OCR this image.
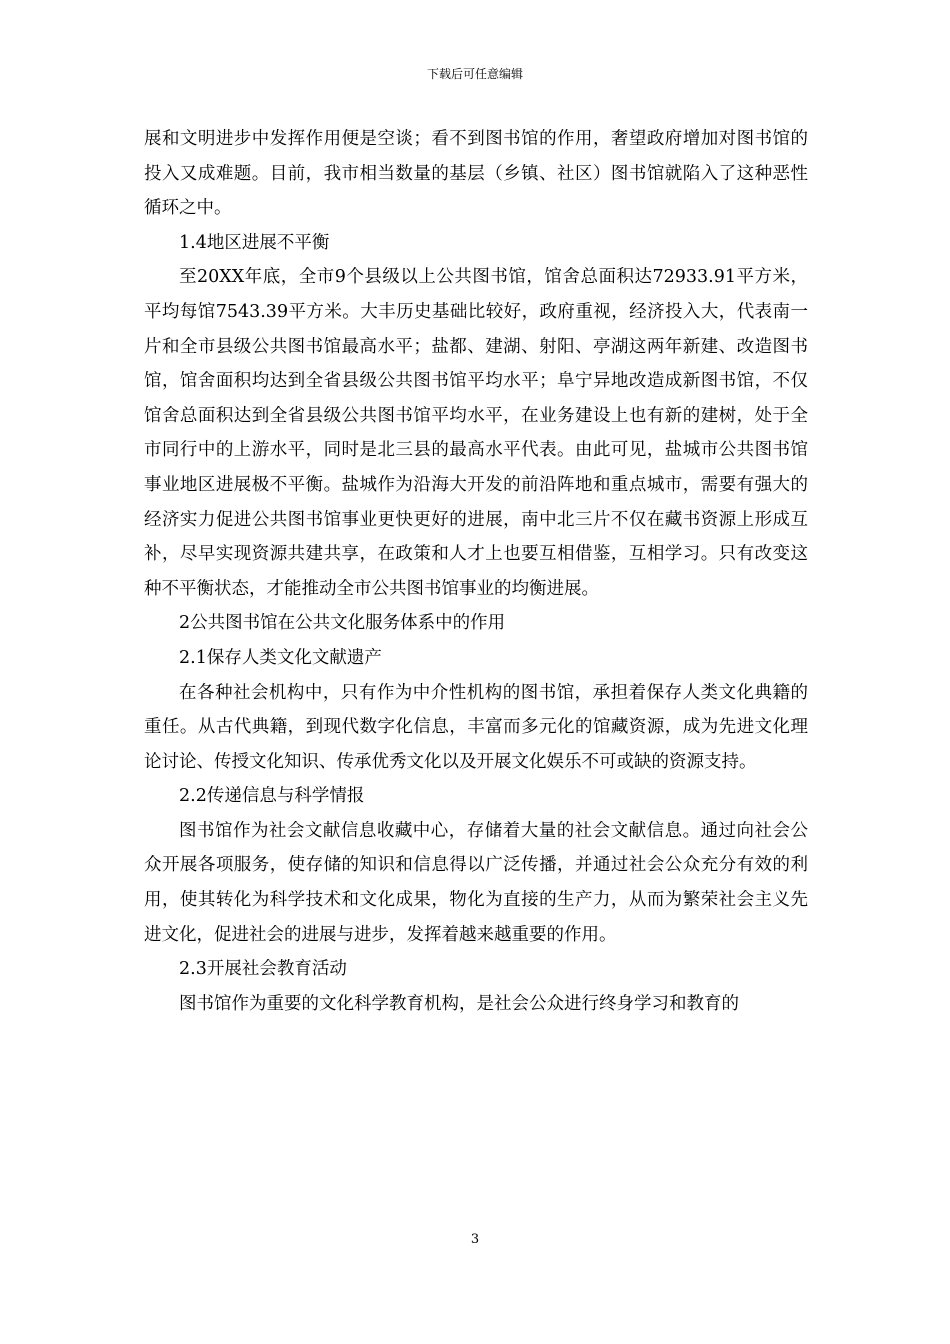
下载后可任意编辑

展和文明进步中发挥作用便是空谈；看不到图书馆的作用，奢望政府增加对图书馆的投入又成难题。目前，我市相当数量的基层（乡镇、社区）图书馆就陷入了这种恶性循环之中。

1.4地区进展不平衡

至20XX年底，全市9个县级以上公共图书馆，馆舍总面积达72933.91平方米，平均每馆7543.39平方米。大丰历史基础比较好，政府重视，经济投入大，代表南一片和全市县级公共图书馆最高水平；盐都、建湖、射阳、亭湖这两年新建、改造图书馆，馆舍面积均达到全省县级公共图书馆平均水平；阜宁异地改造成新图书馆，不仅馆舍总面积达到全省县级公共图书馆平均水平，在业务建设上也有新的建树，处于全市同行中的上游水平，同时是北三县的最高水平代表。由此可见，盐城市公共图书馆事业地区进展极不平衡。盐城作为沿海大开发的前沿阵地和重点城市，需要有强大的经济实力促进公共图书馆事业更快更好的进展，南中北三片不仅在藏书资源上形成互补，尽早实现资源共建共享，在政策和人才上也要互相借鉴，互相学习。只有改变这种不平衡状态，才能推动全市公共图书馆事业的均衡进展。

2公共图书馆在公共文化服务体系中的作用

2.1保存人类文化文献遗产

在各种社会机构中，只有作为中介性机构的图书馆，承担着保存人类文化典籍的重任。从古代典籍，到现代数字化信息，丰富而多元化的馆藏资源，成为先进文化理论讨论、传授文化知识、传承优秀文化以及开展文化娱乐不可或缺的资源支持。

2.2传递信息与科学情报

图书馆作为社会文献信息收藏中心，存储着大量的社会文献信息。通过向社会公众开展各项服务，使存储的知识和信息得以广泛传播，并通过社会公众充分有效的利用，使其转化为科学技术和文化成果，物化为直接的生产力，从而为繁荣社会主义先进文化，促进社会的进展与进步，发挥着越来越重要的作用。

2.3开展社会教育活动

图书馆作为重要的文化科学教育机构，是社会公众进行终身学习和教育的

3
